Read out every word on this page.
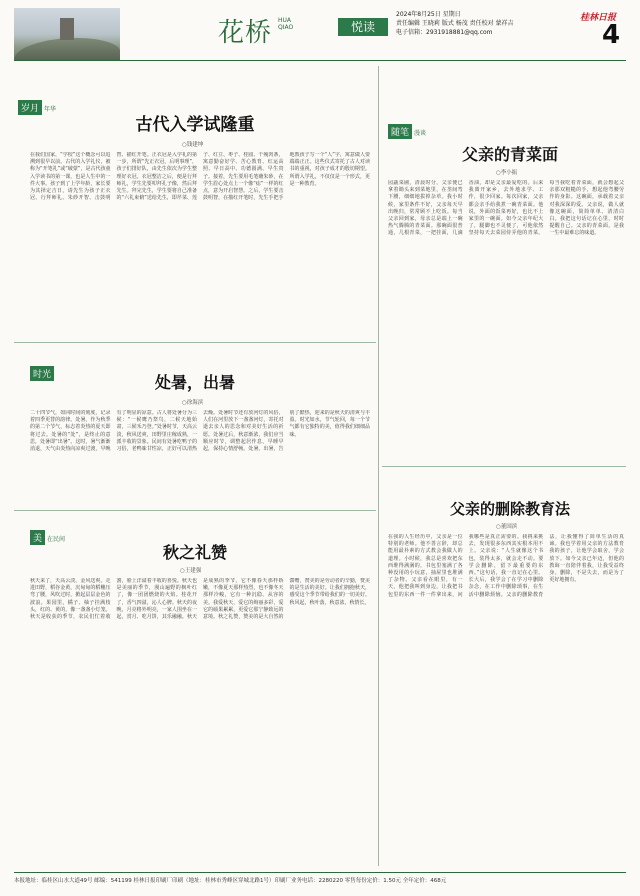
花桥 HUA QIAO	悦读
2024年8月25日 星期日
责任编辑 王晓莉 版式 杨茂 责任校对 蒙祥吉
电子信箱：2931918881@qq.com
桂林日报
4
岁月 年华
古代入学试隆重
○钱建坤
在我们国家，“学校”这个概念可以追溯到很早以前。古代的入学礼仪，被称为“开笔礼”或“破蒙”，是古代孩童入学读书的第一课，也是人生中的一件大事。孩子到了上学年龄，家长要为其择定吉日，请先生为孩子正衣冠、行拜师礼、朱砂开智、击鼓明智、描红开笔。正衣冠是入学礼的第一步，所谓“先正衣冠，后明事理”，孩子们排好队，由先生依次为学生整理好衣冠。衣冠整洁之后，便是行拜师礼，学生先要叩拜孔子像，然后拜先生。拜完先生，学生要将自己准备的“六礼束脩”送给先生，即芹菜、莲子、红豆、枣子、桂圆、干瘦肉条，寓意勤奋好学、苦心教育、红运高照、早日高中、功德圆满、早生贵子。接着，先生要用毛笔蘸朱砂，在学生眉心处点上一个像“痣”一样的红点，意为开启智慧。之后，学生要击鼓明智，在描红开笔时，先生手把手地教孩子写一个“人”字，寓意做人要端端正正。这些仪式寄托了古人对读书的重视，对孩子成才的殷切期望。所谓入学礼，不仅仅是一个形式，更是一种教育。
时光	处暑，出暑
○徐海滨
二十四节气，如同时间的刻度，记录着四季更替的韵律。处暑，作为秋季的第二个节气，标志着炎热的夏天即将过去。处暑的“处”，是终止的意思，处暑即“出暑”。这时，暑气渐渐消退，天气由炎热向凉爽过渡，早晚有了明显的凉意。古人将处暑分为三候：“一候鹰乃祭鸟，二候天地始肃，三候禾乃登。”处暑时节，天高云淡，秋风送爽，田野里庄稼成熟，一派丰收的景象。民间有处暑吃鸭子的习俗，老鸭味甘性凉，正好可以清热去燥。处暑时节还有放河灯的风俗，人们在河里放下一盏盏河灯，寄托对逝去亲人的思念和对美好生活的祈愿。处暑过后，秋意渐浓，我们应当顺应时节，调整起居作息，早睡早起，保持心情舒畅。处暑，出暑，告别了酷热，迎来的是秋天的清爽与丰盈。时光如水，节气轮回，每一个节气都有它独特的美，值得我们细细品味。
美 在民间
秋之礼赞
○王建强
秋天来了，天高云淡，金风送爽。走进田野，稻谷金黄，沉甸甸的稻穗压弯了腰，风吹过时，掀起层层金色的波浪。果园里，橘子、柚子挂满枝头，红的、黄的，像一盏盏小灯笼。秋天是收获的季节，农民们忙着收割，脸上洋溢着丰收的喜悦。秋天也是美丽的季节，漫山遍野的枫叶红了，像一团团燃烧的火焰。桂花开了，香气四溢，沁人心脾。秋天的夜晚，月亮格外明亮，一家人围坐在一起，赏月、吃月饼，其乐融融。秋天是成熟的季节，它不像春天那样娇嫩，不像夏天那样热烈，也不像冬天那样冷峻，它有一种沉稳、从容的美。我爱秋天，爱它的绚丽多彩，爱它的硕果累累，更爱它那宁静致远的意境。秋之礼赞，赞美的是大自然的馈赠，赞美的是劳动者的辛勤，赞美的是生活的美好。让我们拥抱秋天，感受这个季节带给我们的一切美好。秋风起，秋叶落，秋意浓，秋情长。
随笔 漫谈
父亲的青菜面
○李小振
园蔬菜圃，清晨时分，父亲便已拿着锄头来到菜地里，在垄间弯下腰，细细地拔掉杂草。我小时候，家里条件不好，父亲每天早出晚归，常常顾不上吃饭。每当父亲回到家，母亲总是端上一碗热气腾腾的青菜面。那碗面很普通，几根青菜，一把挂面，几滴香油，却是父亲最爱吃的。后来我离开家乡，去外地求学、工作，很少回家。每次回家，父亲都会亲手给我煮一碗青菜面。他说，外面的饭菜再好，也比不上家里的一碗面。如今父亲年纪大了，腿脚也不灵便了，可他依然坚持每天去菜园侍弄他的青菜。每当我吃着青菜面，就会想起父亲那双粗糙的手，想起他弯腰劳作的身影。这碗面，承载着父亲对我深深的爱。父亲说，做人就像这碗面，简简单单、清清白白。我把这句话记在心里，时时提醒自己。父亲的青菜面，是我一生中最难忘的味道。
父亲的删除教育法
○董国滨
在我的人生经历中，父亲是一位特别的老师。他不善言辞，却总能用最朴素的方式教会我做人的道理。小时候，我总是喜欢把东西堆得满满的，书包里塞满了各种没用的小玩意，抽屉里也堆满了杂物。父亲看在眼里，有一天，他把我叫到身边，让我把书包里的东西一件一件拿出来，问我哪些是真正需要的。我挑来挑去，发现很多东西其实根本用不上。父亲说：“人生就像这个书包，装得太多，就会走不动。要学会删除，留下最重要的东西。”这句话，我一直记在心里。长大后，我学会了在学习中删除杂念，在工作中删除琐事，在生活中删除烦恼。父亲的删除教育法，让我懂得了简单生活的真谛。我也学着用父亲的方法教育我的孩子，让他学会取舍，学会放下。如今父亲已年迈，但他的教诲一直陪伴着我，让我受益终身。删除，不是失去，而是为了更好地拥有。
本报地址：临桂区山水大道49号 邮编：541199 桂林日报印刷厂印刷（地址：桂林市秀峰区穿城北路1号）印刷厂业务电话：2280220 零售每份定价：1.50元 全年定价：468元
